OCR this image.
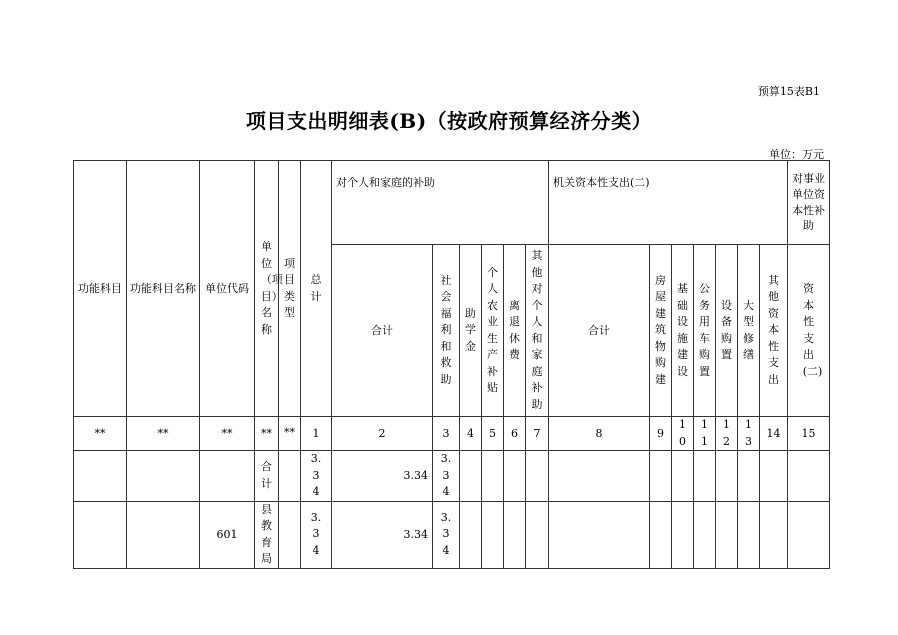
预算15表B1
项目支出明细表(B)（按政府预算经济分类）
单位：万元
功能科目	功能科目名称	单位代码	单位（项目）名称	项目类型	总计	对个人和家庭的补助						机关资本性支出(二)							对事业单位资本性补助
						合计	社会福利和救助	助学金	个人农业生产补贴	离退休费	其他对个人和家庭补助	合计	房屋建筑物购建	基础设施建设	公务用车购置	设备购置	大型修缮	其他资本性支出	资本性支出(二)
**	**	**	**	**	1	2	3	4	5	6	7	8	9	10	11	12	13	14	15
			合计		3.34	3.34	3.34												
		601	县教育局		3.34	3.34	3.34												
